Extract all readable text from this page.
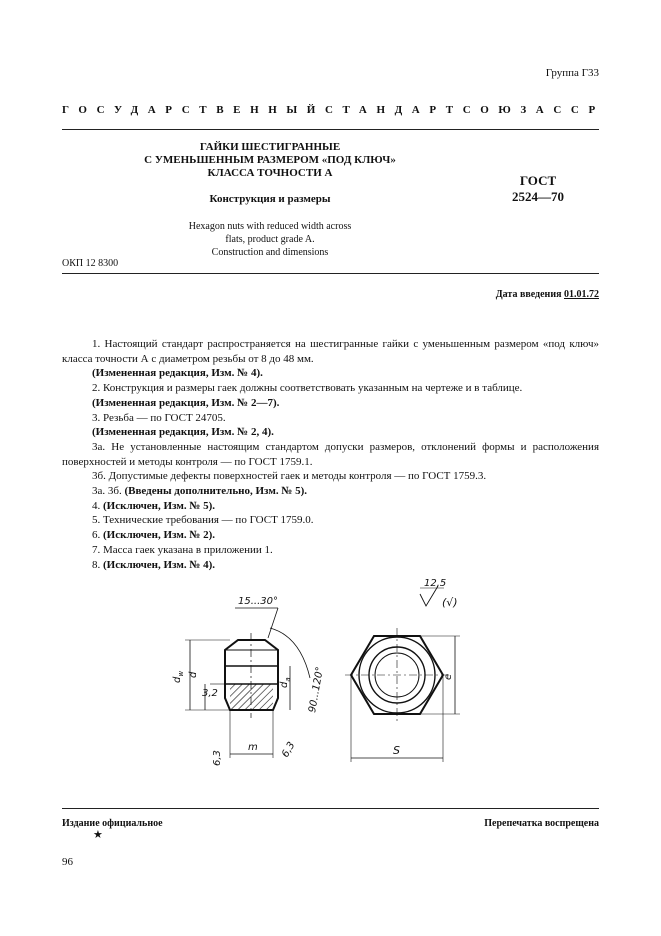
Группа Г33
ГОСУДАРСТВЕННЫЙ СТАНДАРТ СОЮЗА ССР
ГАЙКИ ШЕСТИГРАННЫЕ
С УМЕНЬШЕННЫМ РАЗМЕРОМ «ПОД КЛЮЧ»
КЛАССА ТОЧНОСТИ А
Конструкция и размеры
Hexagon nuts with reduced width across
flats, product grade A.
Construction and dimensions
ГОСТ
2524—70
ОКП 12 8300
Дата введения 01.01.72

1. Настоящий стандарт распространяется на шестигранные гайки с уменьшенным размером «под ключ» класса точности А с диаметром резьбы от 8 до 48 мм.

(Измененная редакция, Изм. № 4).

2. Конструкция и размеры гаек должны соответствовать указанным на чертеже и в таблице.

(Измененная редакция, Изм. № 2—7).

3. Резьба — по ГОСТ 24705.

(Измененная редакция, Изм. № 2, 4).

3а. Не установленные настоящим стандартом допуски размеров, отклонений формы и расположения поверхностей и методы контроля — по ГОСТ 1759.1.

3б. Допустимые дефекты поверхностей гаек и методы контроля — по ГОСТ 1759.3.

3а. 3б. (Введены дополнительно, Изм. № 5).

4. (Исключен, Изм. № 5).

5. Технические требования — по ГОСТ 1759.0.

6. (Исключен, Изм. № 2).

7. Масса гаек указана в приложении 1.

8. (Исключен, Изм. № 4).

15...30°
90...120°
$d_w$ d
$d_a$
3,2
6,3	6,3
m
12,5
(√)
e
S
Издание официальное	Перепечатка воспрещена
★
96
